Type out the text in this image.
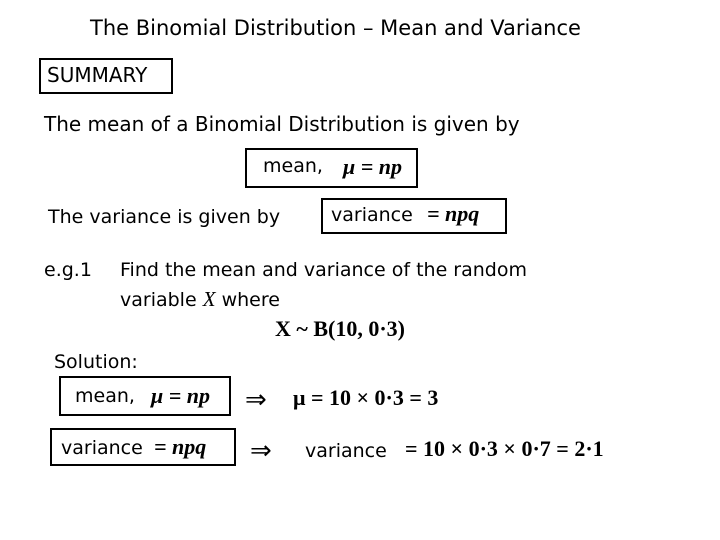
The Binomial Distribution – Mean and Variance
SUMMARY
The mean of a Binomial Distribution is given by
mean, μ = np
The variance is given by	variance = npq
e.g.1 Find the mean and variance of the random
variable X where
X ~ B(10, 0·3)
Solution:
mean, μ = np ⇒ μ = 10 × 0·3 = 3
variance = npq ⇒ variance = 10 × 0·3 × 0·7 = 2·1
